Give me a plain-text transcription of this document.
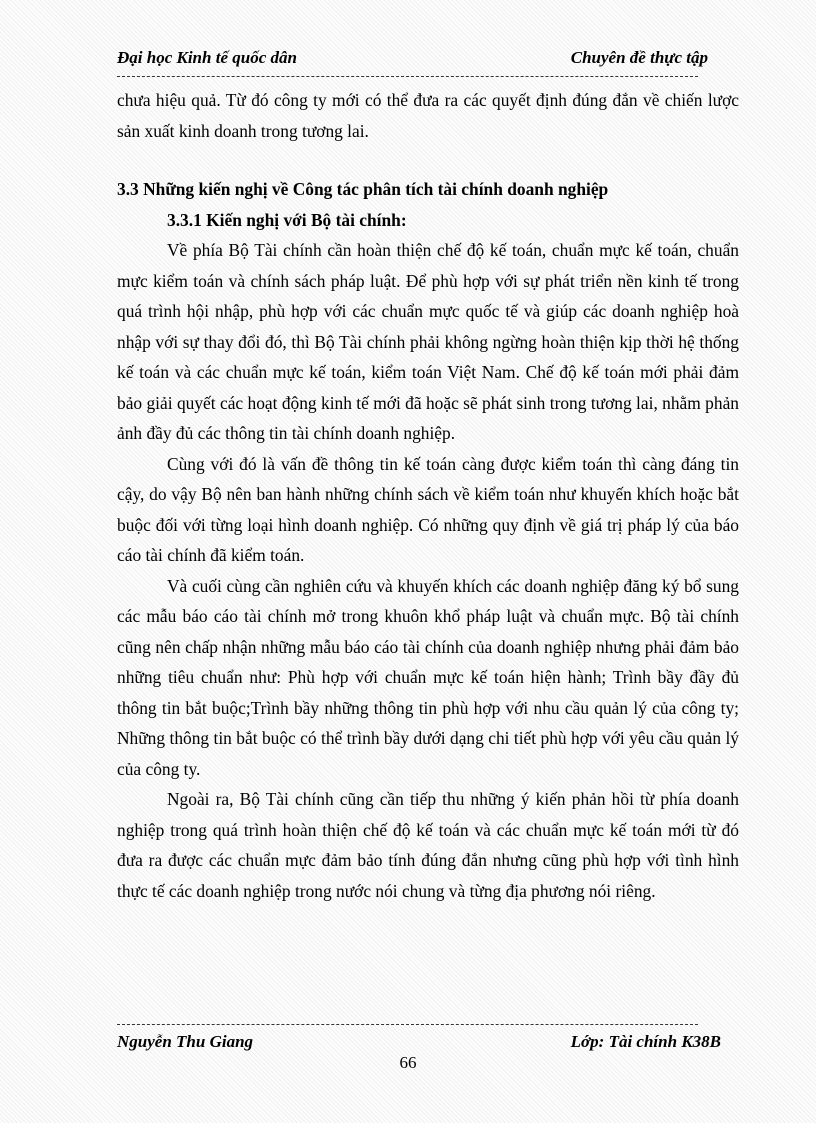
Đại học Kinh tế quốc dân	Chuyên đề thực tập

chưa hiệu quả. Từ đó công ty mới có thể đưa ra các quyết định đúng đắn về chiến lược sản xuất kinh doanh trong tương lai.

3.3 Những kiến nghị về Công tác phân tích tài chính doanh nghiệp

3.3.1 Kiến nghị với Bộ tài chính:

Về phía Bộ Tài chính cần hoàn thiện chế độ kế toán, chuẩn mực kế toán, chuẩn mực kiểm toán và chính sách pháp luật. Để phù hợp với sự phát triển nền kinh tế trong quá trình hội nhập, phù hợp với các chuẩn mực quốc tế và giúp các doanh nghiệp hoà nhập với sự thay đổi đó, thì Bộ Tài chính phải không ngừng hoàn thiện kịp thời hệ thống kế toán và các chuẩn mực kế toán, kiểm toán Việt Nam. Chế độ kế toán mới phải đảm bảo giải quyết các hoạt động kinh tế mới đã hoặc sẽ phát sinh trong tương lai, nhằm phản ảnh đầy đủ các thông tin tài chính doanh nghiệp.

Cùng với đó là vấn đề thông tin kế toán càng được kiểm toán thì càng đáng tin cậy, do vậy Bộ nên ban hành những chính sách về kiểm toán như khuyến khích hoặc bắt buộc đối với từng loại hình doanh nghiệp. Có những quy định về giá trị pháp lý của báo cáo tài chính đã kiểm toán.

Và cuối cùng cần nghiên cứu và khuyến khích các doanh nghiệp đăng ký bổ sung các mẫu báo cáo tài chính mở trong khuôn khổ pháp luật và chuẩn mực. Bộ tài chính cũng nên chấp nhận những mẫu báo cáo tài chính của doanh nghiệp nhưng phải đảm bảo những tiêu chuẩn như: Phù hợp với chuẩn mực kế toán hiện hành; Trình bầy đầy đủ thông tin bắt buộc;Trình bầy những thông tin phù hợp với nhu cầu quản lý của công ty; Những thông tin bắt buộc có thể trình bầy dưới dạng chi tiết phù hợp với yêu cầu quản lý của công ty.

Ngoài ra, Bộ Tài chính cũng cần tiếp thu những ý kiến phản hồi từ phía doanh nghiệp trong quá trình hoàn thiện chế độ kế toán và các chuẩn mực kế toán mới từ đó đưa ra được các chuẩn mực đảm bảo tính đúng đắn nhưng cũng phù hợp với tình hình thực tế các doanh nghiệp trong nước nói chung và từng địa phương nói riêng.

Nguyễn Thu Giang	Lớp: Tài chính K38B
66
